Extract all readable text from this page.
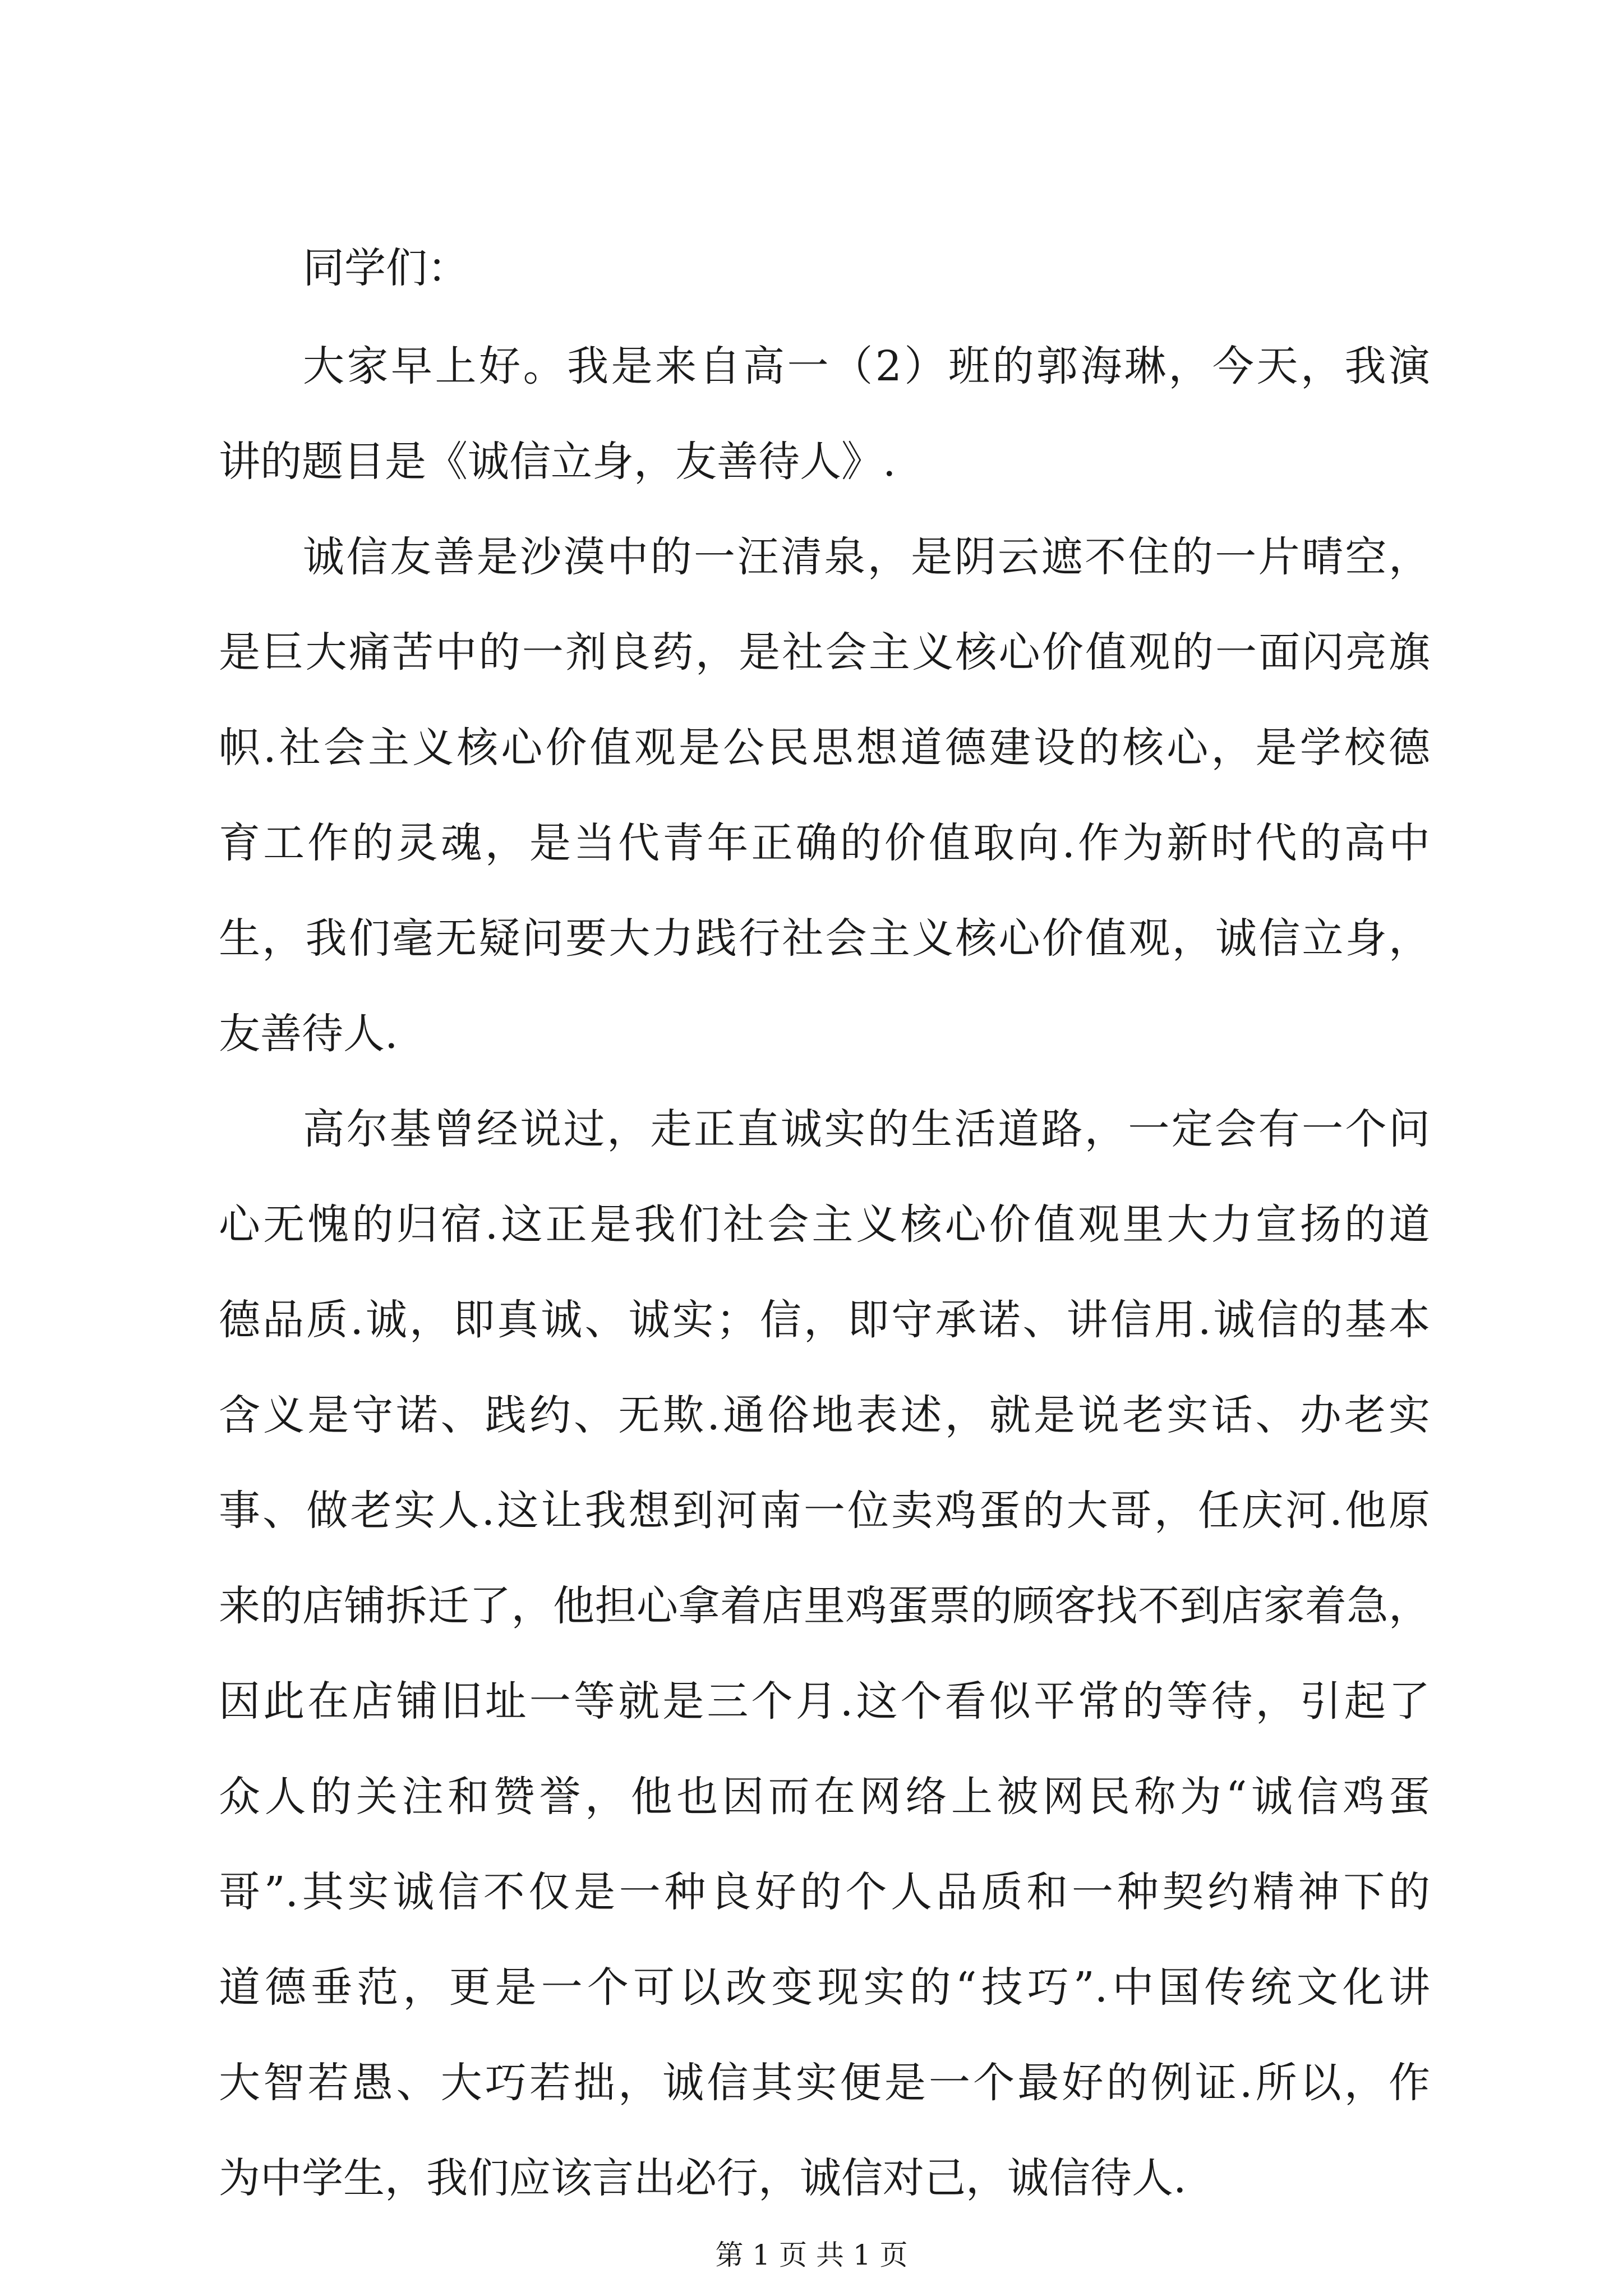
同学们：

大家早上好。我是来自高一（2）班的郭海琳，今天，我演

讲的题目是《诚信立身，友善待人》.

诚信友善是沙漠中的一汪清泉，是阴云遮不住的一片晴空，

是巨大痛苦中的一剂良药，是社会主义核心价值观的一面闪亮旗

帜.社会主义核心价值观是公民思想道德建设的核心，是学校德

育工作的灵魂，是当代青年正确的价值取向.作为新时代的高中

生，我们毫无疑问要大力践行社会主义核心价值观，诚信立身，

友善待人.

高尔基曾经说过，走正直诚实的生活道路，一定会有一个问

心无愧的归宿.这正是我们社会主义核心价值观里大力宣扬的道

德品质.诚，即真诚、诚实；信，即守承诺、讲信用.诚信的基本

含义是守诺、践约、无欺.通俗地表述，就是说老实话、办老实

事、做老实人.这让我想到河南一位卖鸡蛋的大哥，任庆河.他原

来的店铺拆迁了，他担心拿着店里鸡蛋票的顾客找不到店家着急，

因此在店铺旧址一等就是三个月.这个看似平常的等待，引起了

众人的关注和赞誉，他也因而在网络上被网民称为“诚信鸡蛋

哥”.其实诚信不仅是一种良好的个人品质和一种契约精神下的

道德垂范，更是一个可以改变现实的“技巧”.中国传统文化讲

大智若愚、大巧若拙，诚信其实便是一个最好的例证.所以，作

为中学生，我们应该言出必行，诚信对己，诚信待人.

第 1 页 共 1 页
